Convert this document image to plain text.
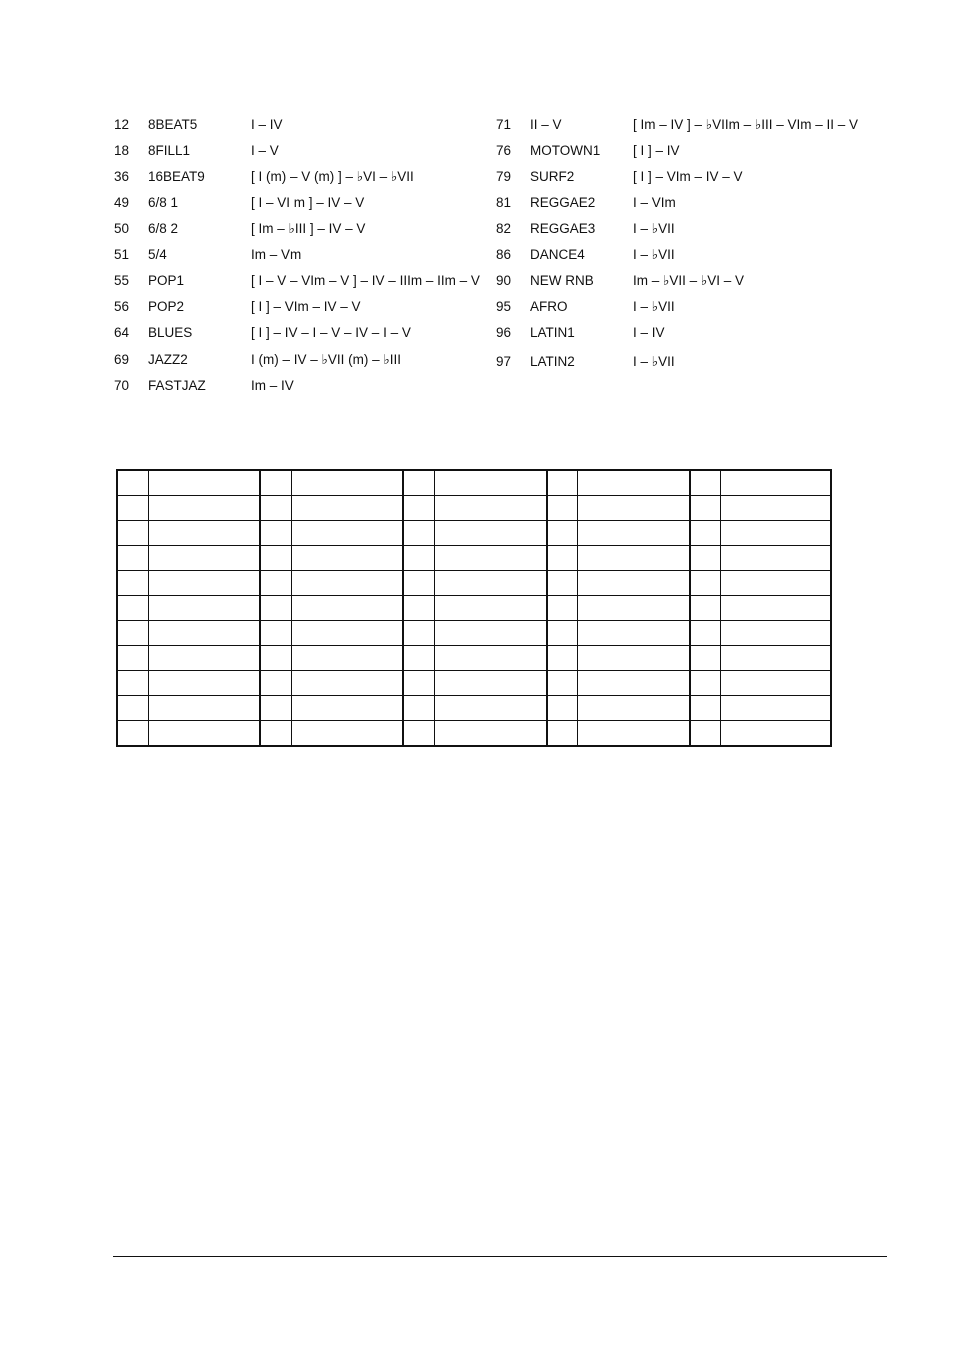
12 8BEAT5	I – IV
18 8FILL1	I – V
36 16BEAT9	[ I (m) – V (m) ] – ♭VI – ♭VII
49 6/8 1	[ I – VI m ] – IV – V
50 6/8 2	[ Im – ♭III ] – IV – V
51 5/4	Im – Vm
55 POP1	[ I – V – VIm – V ] – IV – IIIm – IIm – V
56 POP2	[ I ] – VIm – IV – V
64 BLUES	[ I ] – IV – I – V – IV – I – V
69 JAZZ2	I (m) – IV – ♭VII (m) – ♭III
70 FASTJAZ	Im – IV
71 II – V	[ Im – IV ] – ♭VIIm – ♭III – VIm – II – V
76 MOTOWN1 [ I ] – IV
79 SURF2	[ I ] – VIm – IV – V
81 REGGAE2	I – VIm
82 REGGAE3	I – ♭VII
86 DANCE4	I – ♭VII
90 NEW RNB	Im – ♭VII – ♭VI – V
95 AFRO	I – ♭VII
96 LATIN1	I – IV
97 LATIN2	I – ♭VII
